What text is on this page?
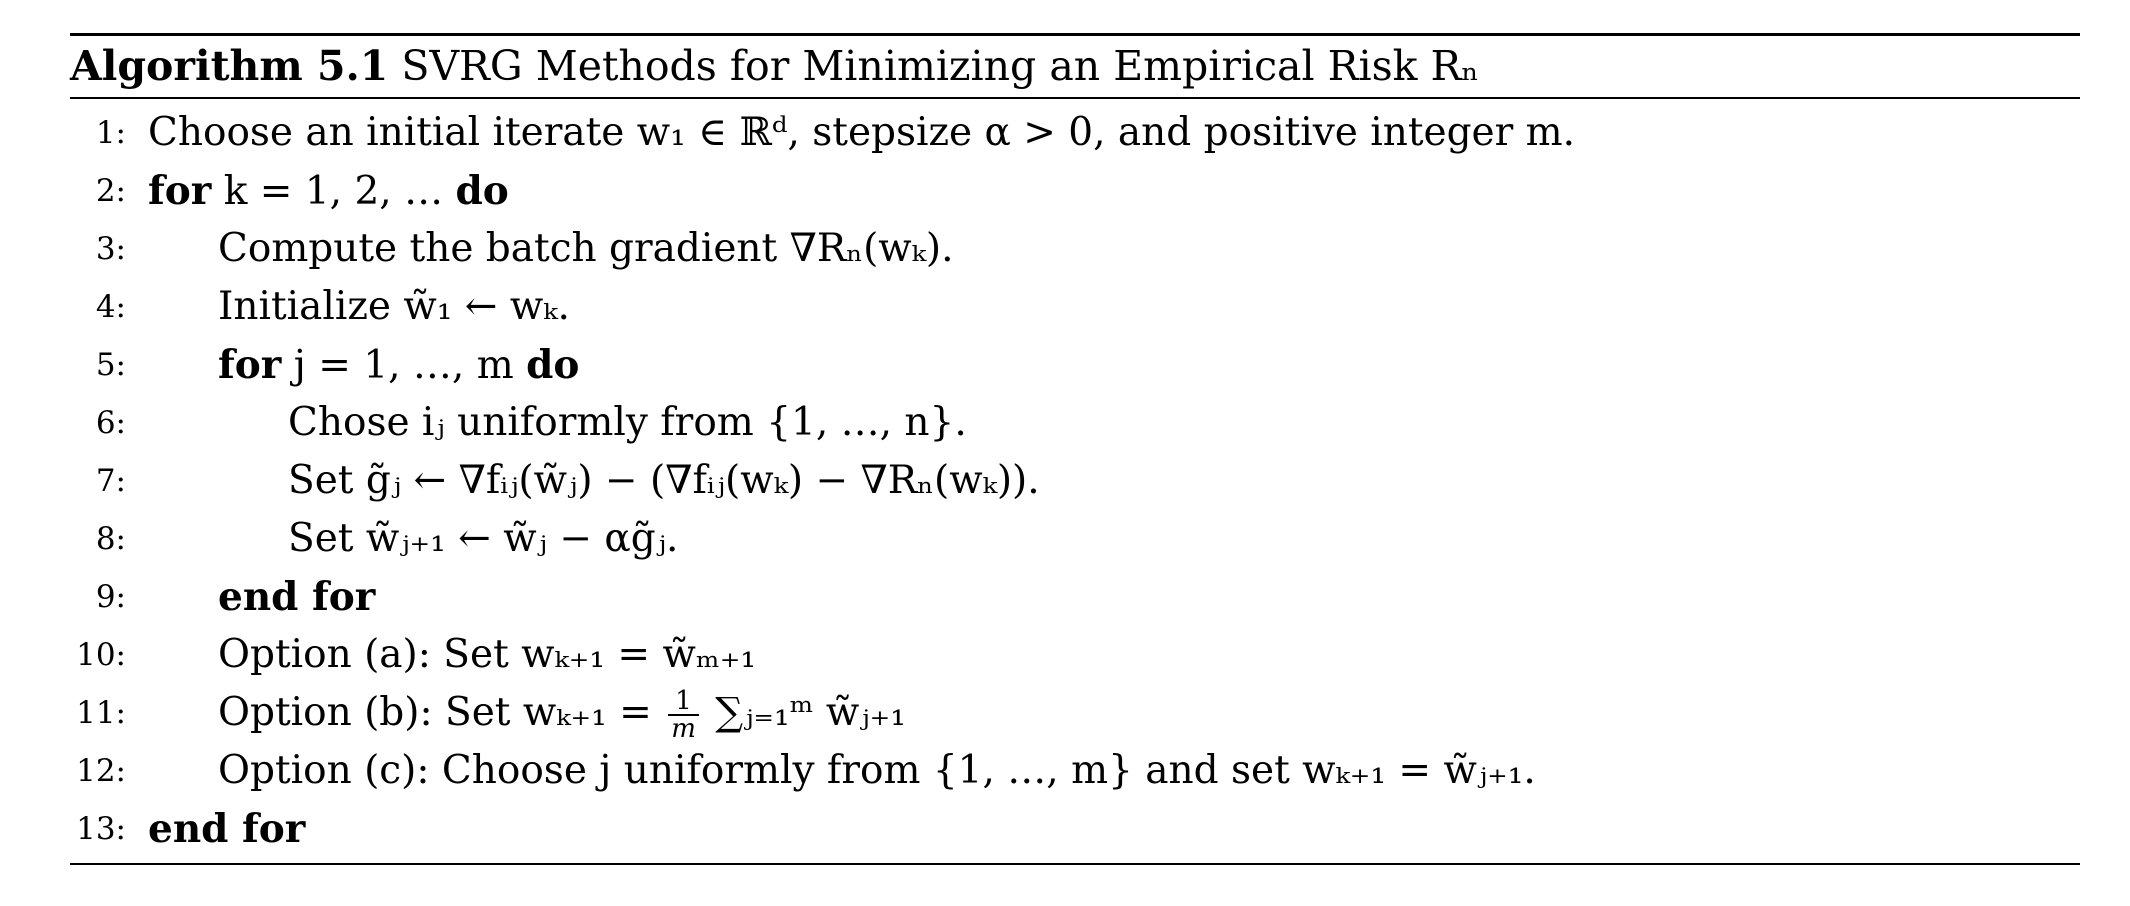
Algorithm 5.1 SVRG Methods for Minimizing an Empirical Risk Rₙ
1: Choose an initial iterate w₁ ∈ ℝᵈ, stepsize α > 0, and positive integer m.
2: for k = 1, 2, … do
3: Compute the batch gradient ∇Rₙ(wₖ).
4: Initialize w̃₁ ← wₖ.
5: for j = 1, …, m do
6:	Chose iⱼ uniformly from {1, …, n}.
7:	Set g̃ⱼ ← ∇fᵢⱼ(w̃ⱼ) − (∇fᵢⱼ(wₖ) − ∇Rₙ(wₖ)).
8:	Set w̃ⱼ₊₁ ← w̃ⱼ − αg̃ⱼ.
9: end for
10: Option (a): Set wₖ₊₁ = w̃ₘ₊₁
11: Option (b): Set $w_{k+1} = \frac{1}{m}$ ∑ⱼ₌₁ᵐ w̃ⱼ₊₁
12: Option (c): Choose j uniformly from {1, …, m} and set wₖ₊₁ = w̃ⱼ₊₁.
13: end for
